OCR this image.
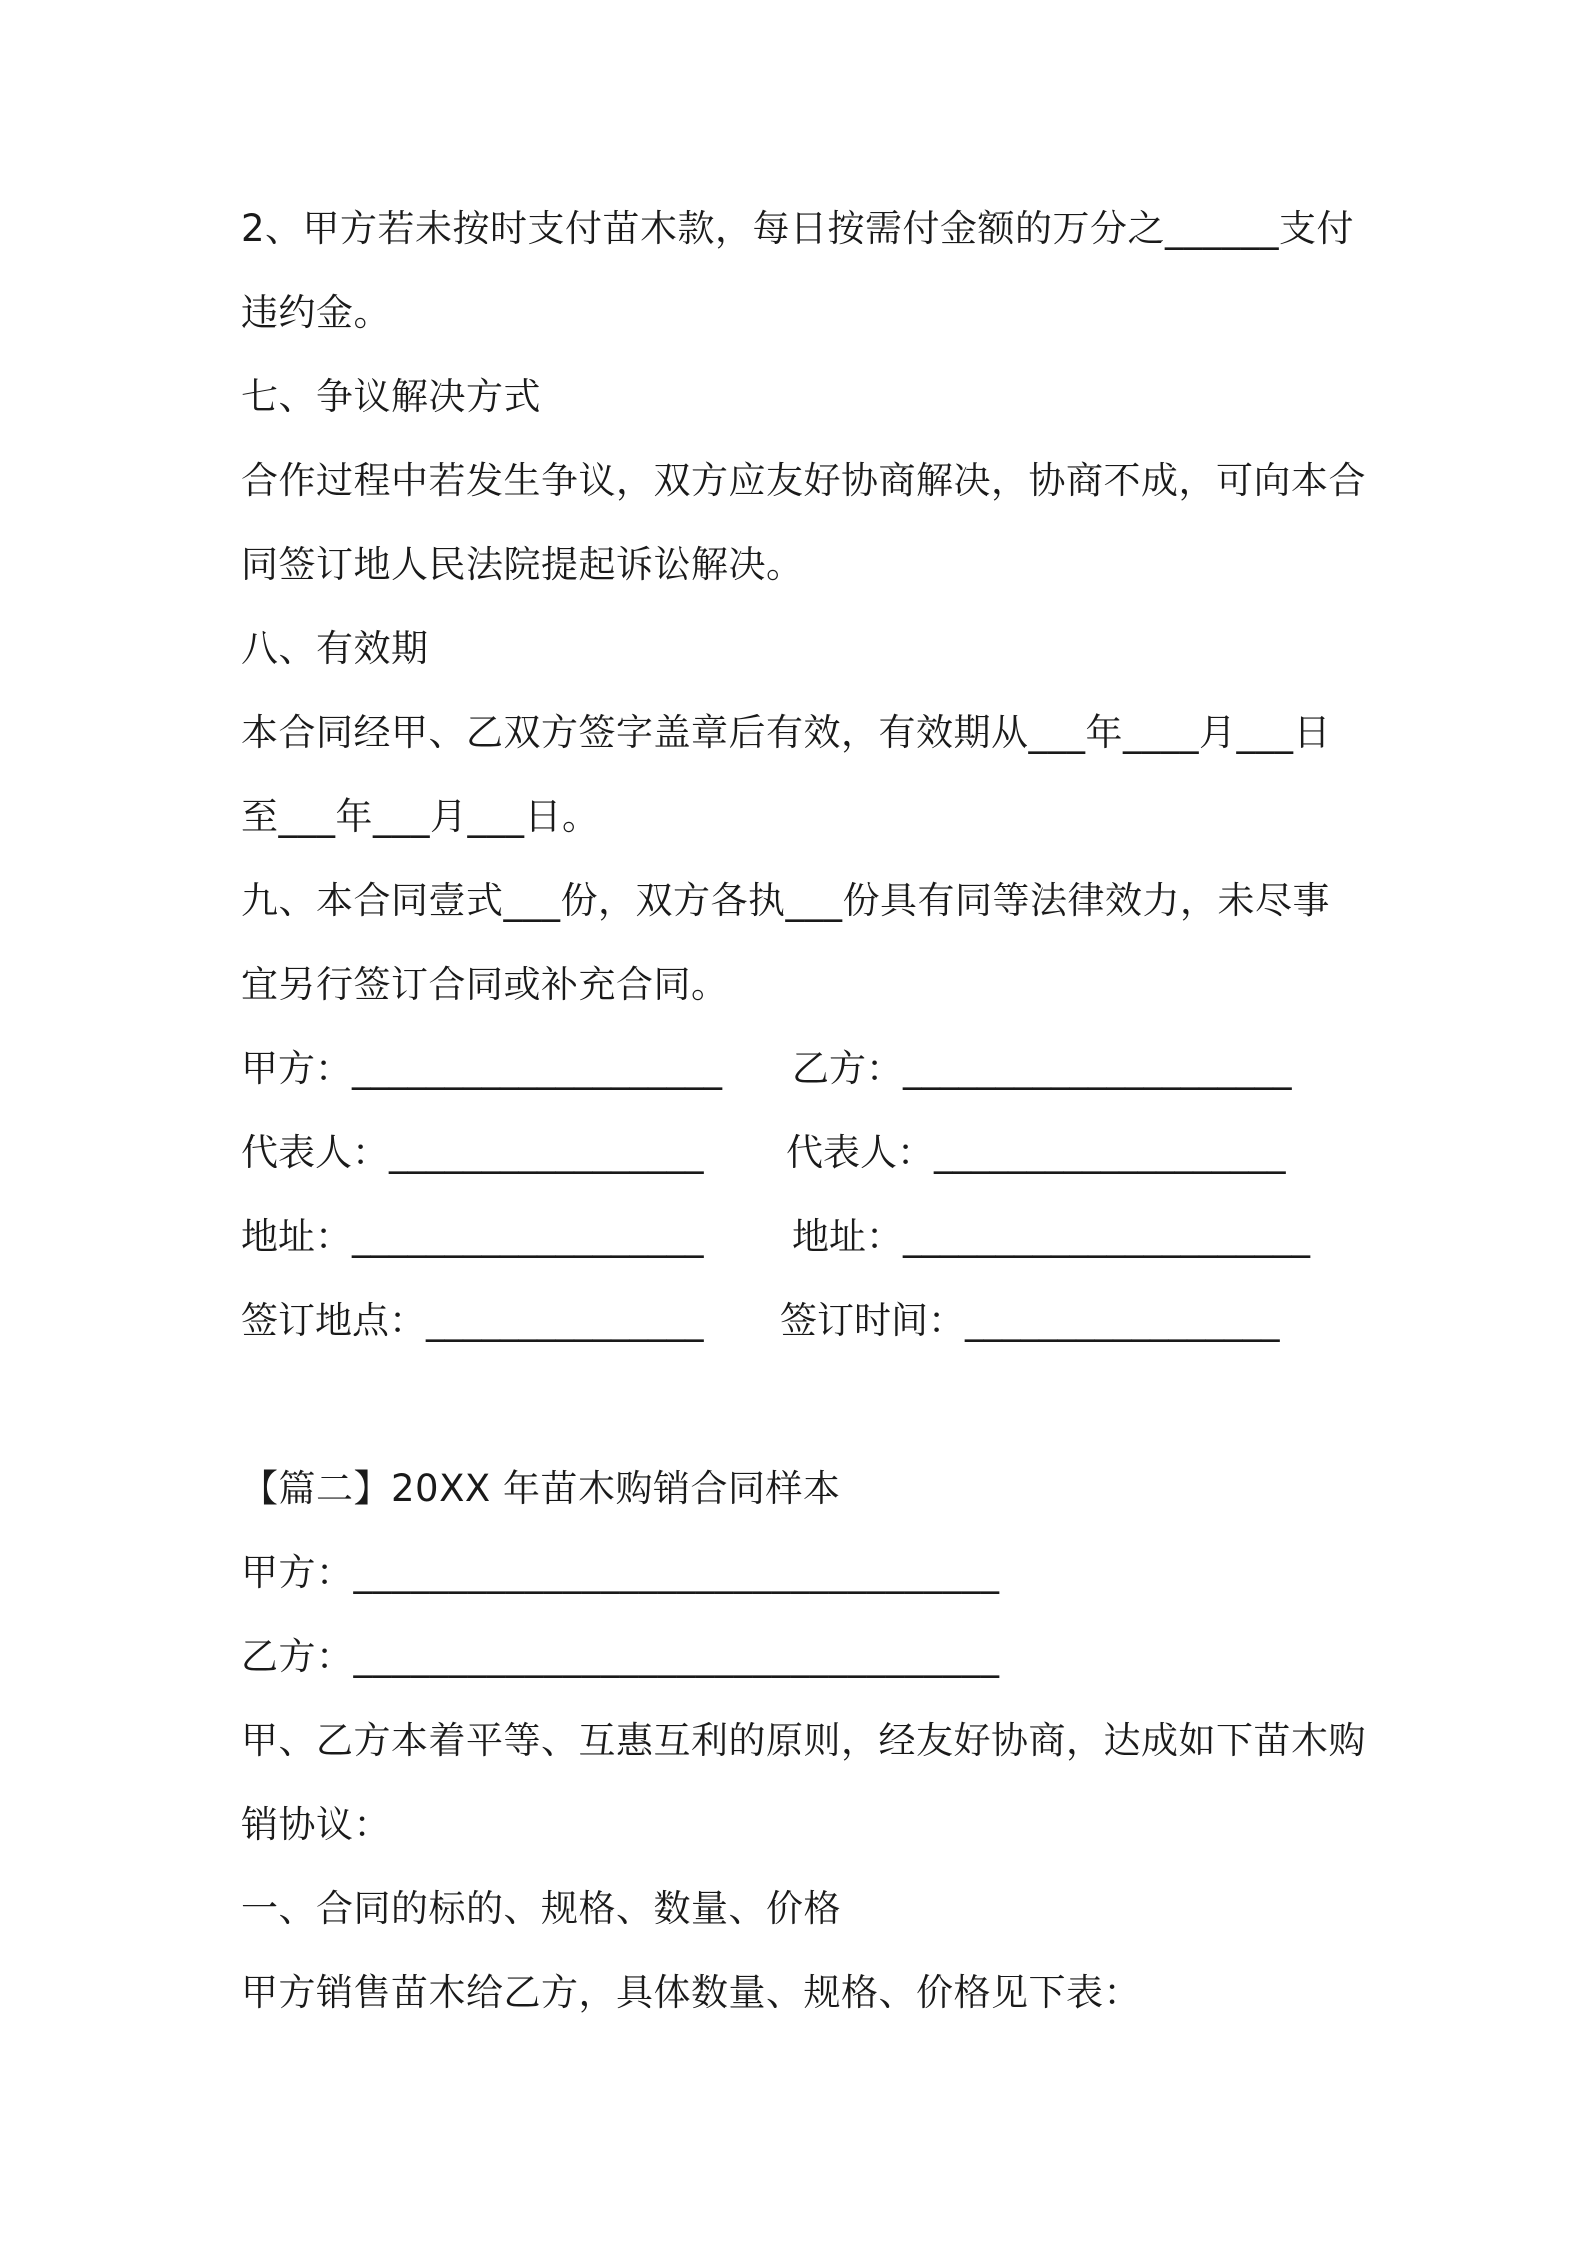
2、甲方若未按时支付苗木款，每日按需付金额的万分之______支付
违约金。
七、争议解决方式
合作过程中若发生争议，双方应友好协商解决，协商不成，可向本合
同签订地人民法院提起诉讼解决。
八、有效期
本合同经甲、乙双方签字盖章后有效，有效期从___年____月___日
至___年___月___日。
九、本合同壹式___份，双方各执___份具有同等法律效力，未尽事
宜另行签订合同或补充合同。
甲方：____________________ 乙方：_____________________
代表人：_________________ 代表人：___________________
地址：___________________ 地址：______________________
签订地点：_______________ 签订时间：_________________
【篇二】20XX 年苗木购销合同样本
甲方：__________________________________
乙方：__________________________________
甲、乙方本着平等、互惠互利的原则，经友好协商，达成如下苗木购
销协议：
一、合同的标的、规格、数量、价格
甲方销售苗木给乙方，具体数量、规格、价格见下表：
